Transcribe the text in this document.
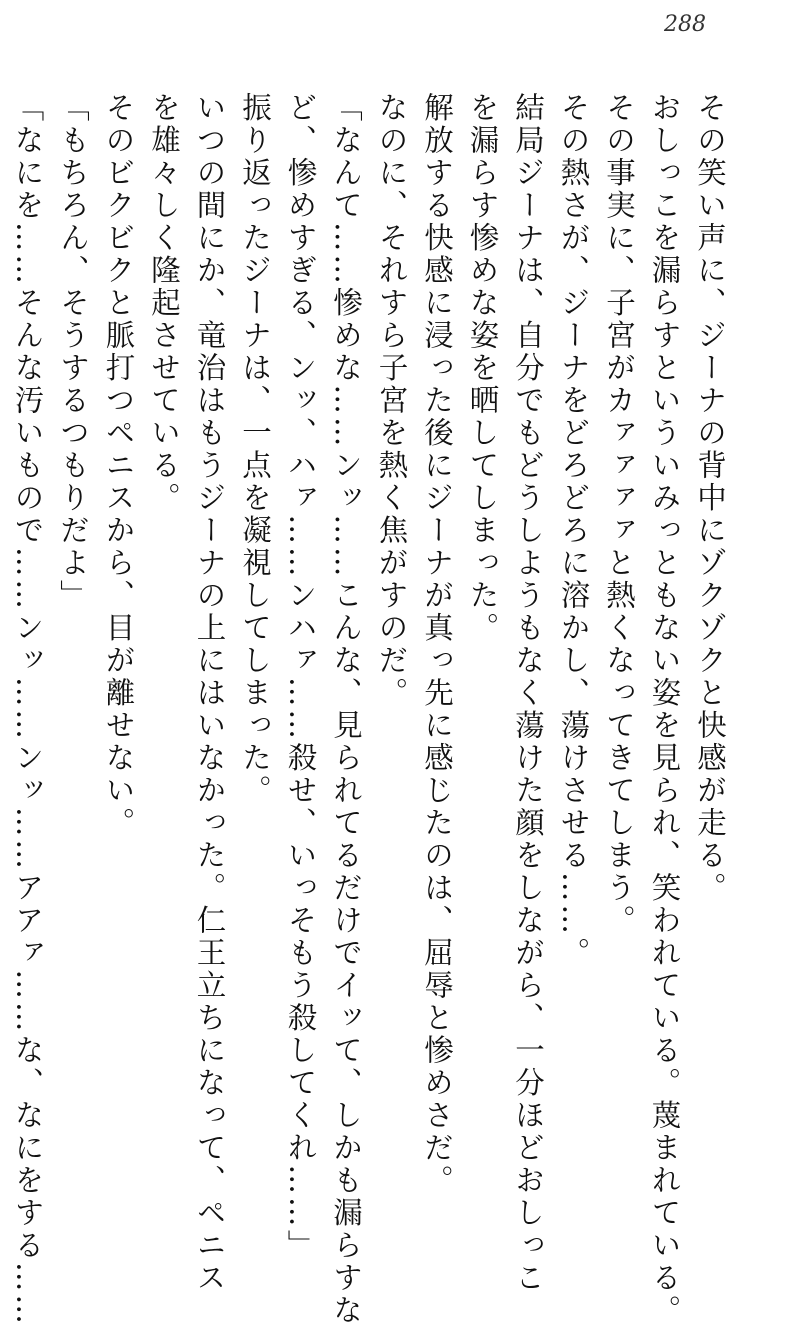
288
その笑い声に、ジーナの背中にゾクゾクと快感が走る。
おしっこを漏らすといういみっともない姿を見られ、笑われている。蔑まれている。
その事実に、子宮がカァァァァと熱くなってきてしまう。
その熱さが、ジーナをどろどろに溶かし、蕩けさせる……。
結局ジーナは、自分でもどうしようもなく蕩けた顔をしながら、一分ほどおしっこ
を漏らす惨めな姿を晒してしまった。
解放する快感に浸った後にジーナが真っ先に感じたのは、屈辱と惨めさだ。
なのに、それすら子宮を熱く焦がすのだ。
「なんて……惨めな……ンッ……こんな、見られてるだけでイッて、しかも漏らすな
ど、惨めすぎる、ンッ、ハァ……ンハァ……殺せ、いっそもう殺してくれ……」
振り返ったジーナは、一点を凝視してしまった。
いつの間にか、竜治はもうジーナの上にはいなかった。仁王立ちになって、ペニス
を雄々しく隆起させている。
そのビクビクと脈打つペニスから、目が離せない。
「もちろん、そうするつもりだよ」
「なにを……そんな汚いもので……ンッ……ンッ……アアァ……な、なにをする……
